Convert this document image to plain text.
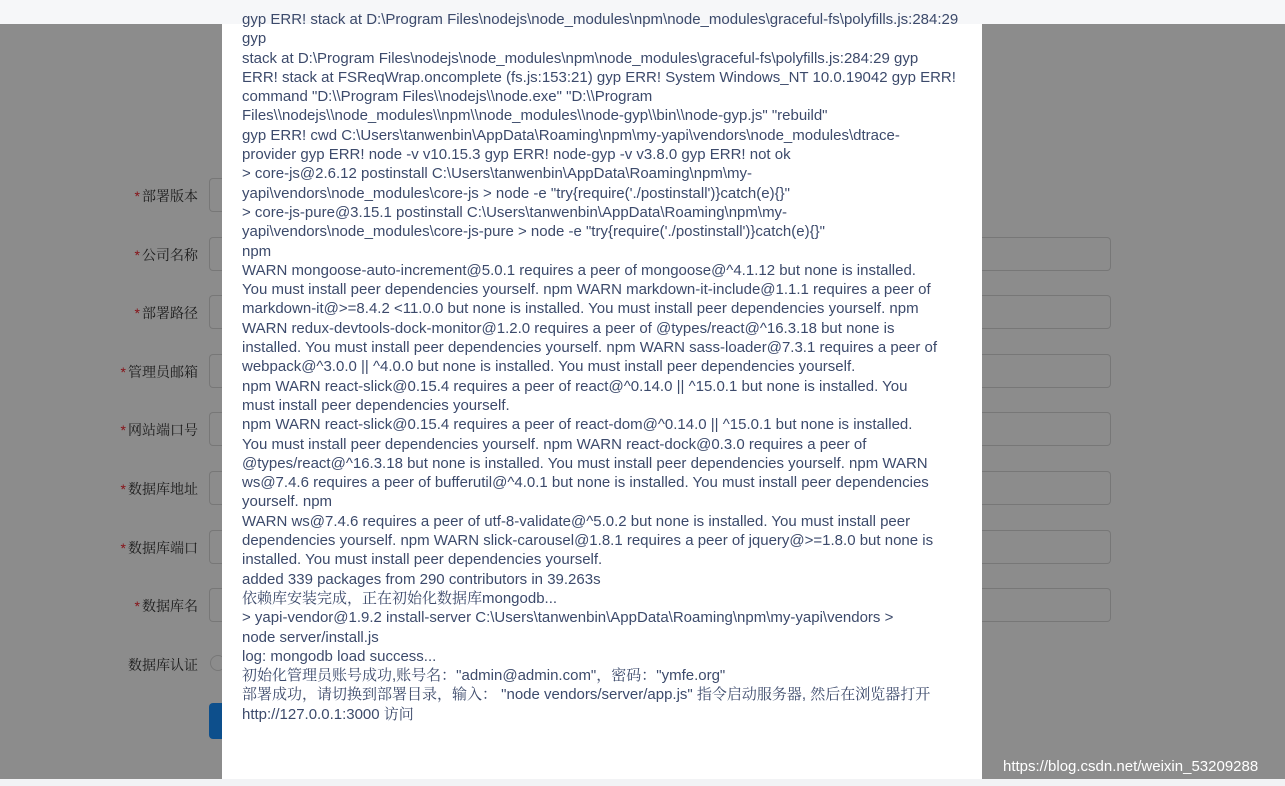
* 部署版本
* 公司名称
* 部署路径
* 管理员邮箱
* 网站端口号
* 数据库地址
* 数据库端口
* 数据库名
数据库认证
gyp ERR! stack at D:\Program Files\nodejs\node_modules\npm\node_modules\graceful-fs\polyfills.js:284:29 gyp
stack at D:\Program Files\nodejs\node_modules\npm\node_modules\graceful-fs\polyfills.js:284:29 gyp
ERR! stack at FSReqWrap.oncomplete (fs.js:153:21) gyp ERR! System Windows_NT 10.0.19042 gyp ERR!
command "D:\\Program Files\\nodejs\\node.exe" "D:\\Program
Files\\nodejs\\node_modules\\npm\\node_modules\\node-gyp\\bin\\node-gyp.js" "rebuild"
gyp ERR! cwd C:\Users\tanwenbin\AppData\Roaming\npm\my-yapi\vendors\node_modules\dtrace-
provider gyp ERR! node -v v10.15.3 gyp ERR! node-gyp -v v3.8.0 gyp ERR! not ok
> core-js@2.6.12 postinstall C:\Users\tanwenbin\AppData\Roaming\npm\my-
yapi\vendors\node_modules\core-js > node -e "try{require('./postinstall')}catch(e){}"
> core-js-pure@3.15.1 postinstall C:\Users\tanwenbin\AppData\Roaming\npm\my-
yapi\vendors\node_modules\core-js-pure > node -e "try{require('./postinstall')}catch(e){}"
npm
WARN mongoose-auto-increment@5.0.1 requires a peer of mongoose@^4.1.12 but none is installed.
You must install peer dependencies yourself. npm WARN markdown-it-include@1.1.1 requires a peer of
markdown-it@>=8.4.2 <11.0.0 but none is installed. You must install peer dependencies yourself. npm
WARN redux-devtools-dock-monitor@1.2.0 requires a peer of @types/react@^16.3.18 but none is
installed. You must install peer dependencies yourself. npm WARN sass-loader@7.3.1 requires a peer of
webpack@^3.0.0 || ^4.0.0 but none is installed. You must install peer dependencies yourself.
npm WARN react-slick@0.15.4 requires a peer of react@^0.14.0 || ^15.0.1 but none is installed. You
must install peer dependencies yourself.
npm WARN react-slick@0.15.4 requires a peer of react-dom@^0.14.0 || ^15.0.1 but none is installed.
You must install peer dependencies yourself. npm WARN react-dock@0.3.0 requires a peer of
@types/react@^16.3.18 but none is installed. You must install peer dependencies yourself. npm WARN
ws@7.4.6 requires a peer of bufferutil@^4.0.1 but none is installed. You must install peer dependencies
yourself. npm
WARN ws@7.4.6 requires a peer of utf-8-validate@^5.0.2 but none is installed. You must install peer
dependencies yourself. npm WARN slick-carousel@1.8.1 requires a peer of jquery@>=1.8.0 but none is
installed. You must install peer dependencies yourself.
added 339 packages from 290 contributors in 39.263s
依赖库安装完成，正在初始化数据库mongodb...
> yapi-vendor@1.9.2 install-server C:\Users\tanwenbin\AppData\Roaming\npm\my-yapi\vendors >
node server/install.js
log: mongodb load success...
初始化管理员账号成功,账号名："admin@admin.com"，密码："ymfe.org"
部署成功，请切换到部署目录，输入： "node vendors/server/app.js" 指令启动服务器, 然后在浏览器打开
http://127.0.0.1:3000 访问
https://blog.csdn.net/weixin_53209288
